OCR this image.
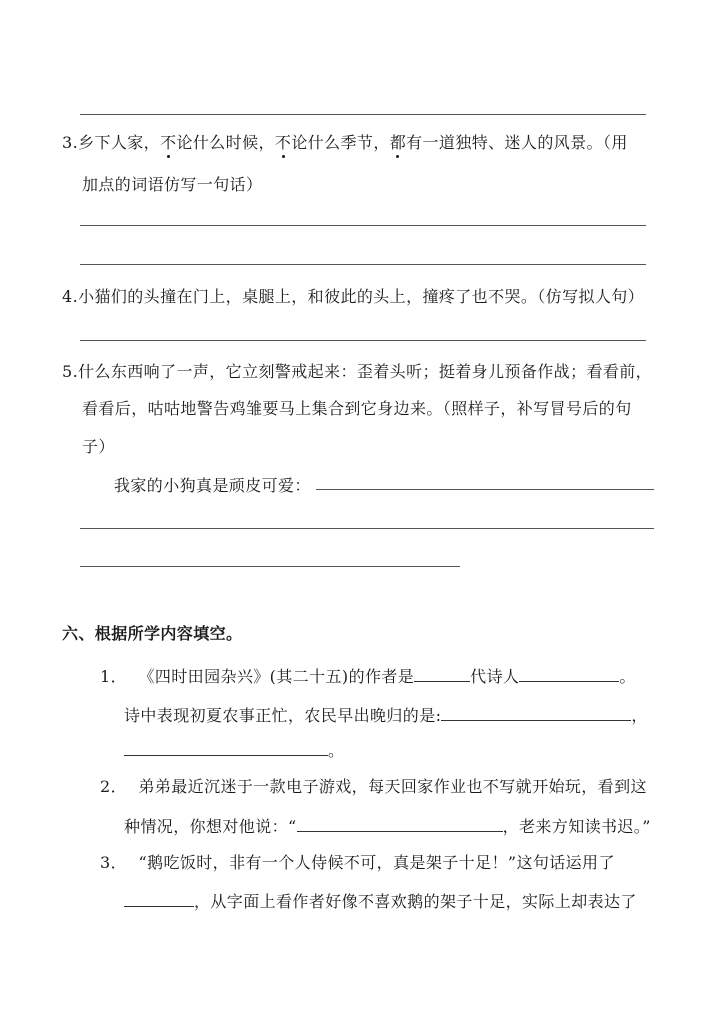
3.乡下人家，不论什么时候，不论什么季节，都有一道独特、迷人的风景。（用
加点的词语仿写一句话）
4.小猫们的头撞在门上，桌腿上，和彼此的头上，撞疼了也不哭。（仿写拟人句）
5.什么东西响了一声，它立刻警戒起来：歪着头听；挺着身儿预备作战；看看前，
看看后，咕咕地警告鸡雏要马上集合到它身边来。（照样子，补写冒号后的句
子）
我家的小狗真是顽皮可爱：
六、根据所学内容填空。
1． 《四时田园杂兴》(其二十五)的作者是	代诗人	。
诗中表现初夏农事正忙，农民早出晚归的是:	，
。
2． 弟弟最近沉迷于一款电子游戏，每天回家作业也不写就开始玩，看到这
种情况，你想对他说：“	，老来方知读书迟。”
3． “鹅吃饭时，非有一个人侍候不可，真是架子十足！”这句话运用了
，从字面上看作者好像不喜欢鹅的架子十足，实际上却表达了
